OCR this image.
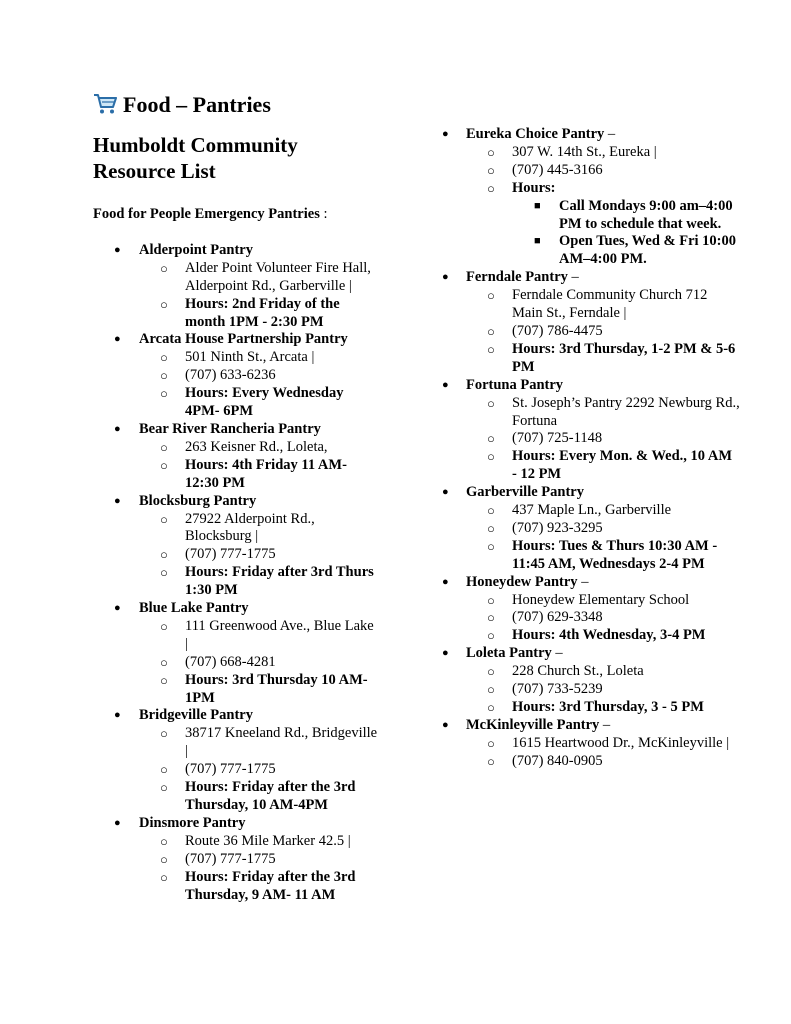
Food – Pantries
Humboldt Community Resource List
Food for People Emergency Pantries :
● Alderpoint Pantry
○ Alder Point Volunteer Fire Hall, Alderpoint Rd., Garberville |
○ Hours: 2nd Friday of the month 1PM - 2:30 PM
● Arcata House Partnership Pantry
○ 501 Ninth St., Arcata |
○ (707) 633-6236
○ Hours: Every Wednesday 4PM- 6PM
● Bear River Rancheria Pantry
○ 263 Keisner Rd., Loleta,
○ Hours: 4th Friday 11 AM- 12:30 PM
● Blocksburg Pantry
○ 27922 Alderpoint Rd., Blocksburg |
○ (707) 777-1775
○ Hours: Friday after 3rd Thurs 1:30 PM
● Blue Lake Pantry
○ 111 Greenwood Ave., Blue Lake |
○ (707) 668-4281
○ Hours: 3rd Thursday 10 AM- 1PM
● Bridgeville Pantry
○ 38717 Kneeland Rd., Bridgeville |
○ (707) 777-1775
○ Hours: Friday after the 3rd Thursday, 10 AM-4PM
● Dinsmore Pantry
○ Route 36 Mile Marker 42.5 |
○ (707) 777-1775
○ Hours: Friday after the 3rd Thursday, 9 AM- 11 AM
● Eureka Choice Pantry –
○ 307 W. 14th St., Eureka |
○ (707) 445-3166
○ Hours:
■ Call Mondays 9:00 am–4:00 PM to schedule that week.
■ Open Tues, Wed & Fri 10:00 AM–4:00 PM.
● Ferndale Pantry –
○ Ferndale Community Church 712 Main St., Ferndale |
○ (707) 786-4475
○ Hours: 3rd Thursday, 1-2 PM & 5-6 PM
● Fortuna Pantry
○ St. Joseph’s Pantry 2292 Newburg Rd., Fortuna
○ (707) 725-1148
○ Hours: Every Mon. & Wed., 10 AM - 12 PM
● Garberville Pantry
○ 437 Maple Ln., Garberville
○ (707) 923-3295
○ Hours: Tues & Thurs 10:30 AM - 11:45 AM, Wednesdays 2-4 PM
● Honeydew Pantry –
○ Honeydew Elementary School
○ (707) 629-3348
○ Hours: 4th Wednesday, 3-4 PM
● Loleta Pantry –
○ 228 Church St., Loleta
○ (707) 733-5239
○ Hours: 3rd Thursday, 3 - 5 PM
● McKinleyville Pantry –
○ 1615 Heartwood Dr., McKinleyville |
○ (707) 840-0905
